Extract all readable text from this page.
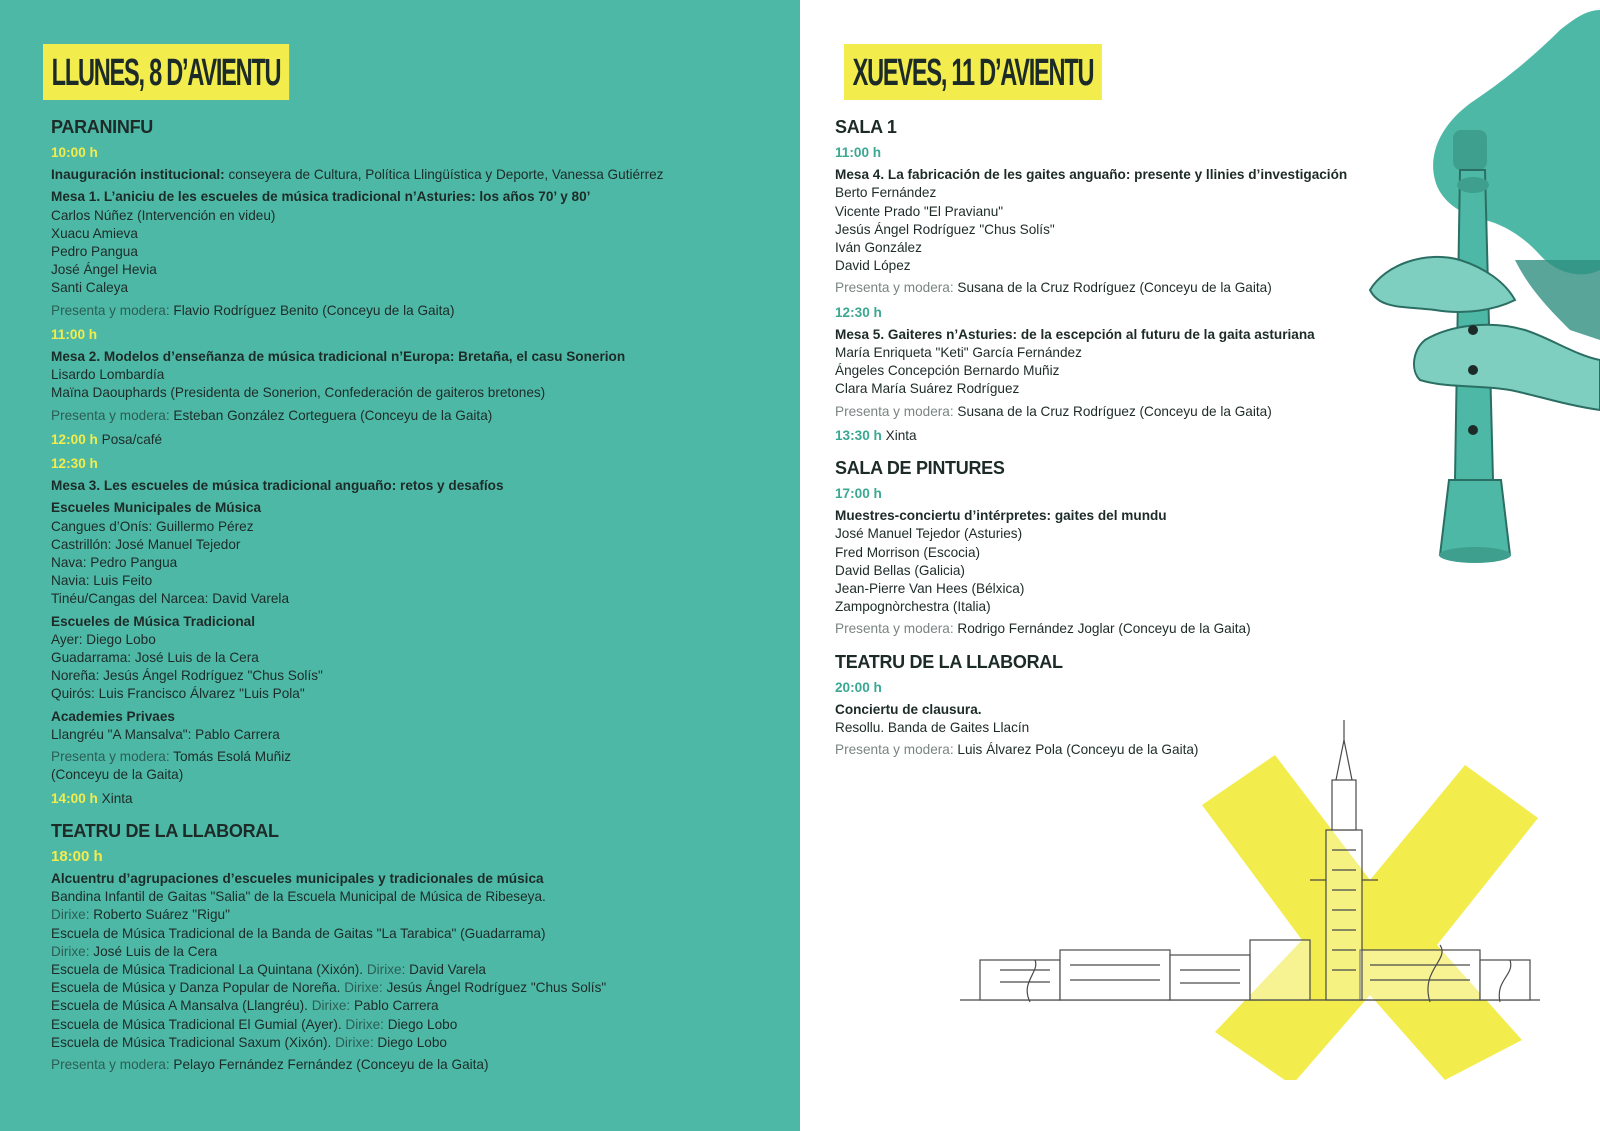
LLUNES, 8 D’AVIENTU
PARANINFU
10:00 h
Inauguración institucional: conseyera de Cultura, Política Llingüística y Deporte, Vanessa Gutiérrez
Mesa 1. L’aniciu de les escueles de música tradicional n’Asturies: los años 70’ y 80’
Carlos Núñez (Intervención en videu)
Xuacu Amieva
Pedro Pangua
José Ángel Hevia
Santi Caleya
Presenta y modera: Flavio Rodríguez Benito (Conceyu de la Gaita)
11:00 h
Mesa 2. Modelos d’enseñanza de música tradicional n’Europa: Bretaña, el casu Sonerion
Lisardo Lombardía
Maïna Daouphards (Presidenta de Sonerion, Confederación de gaiteros bretones)
Presenta y modera: Esteban González Corteguera (Conceyu de la Gaita)
12:00 h Posa/café
12:30 h
Mesa 3. Les escueles de música tradicional anguaño: retos y desafíos
Escueles Municipales de Música
Cangues d’Onís: Guillermo Pérez
Castrillón: José Manuel Tejedor
Nava: Pedro Pangua
Navia: Luis Feito
Tinéu/Cangas del Narcea: David Varela
Escueles de Música Tradicional
Ayer: Diego Lobo
Guadarrama: José Luis de la Cera
Noreña: Jesús Ángel Rodríguez "Chus Solís"
Quirós: Luis Francisco Álvarez "Luis Pola"
Academies Privaes
Llangréu "A Mansalva": Pablo Carrera
Presenta y modera: Tomás Esolá Muñiz
(Conceyu de la Gaita)
14:00 h Xinta
TEATRU DE LA LLABORAL
18:00 h
Alcuentru d’agrupaciones d’escueles municipales y tradicionales de música
Bandina Infantil de Gaitas "Salia" de la Escuela Municipal de Música de Ribeseya.
Dirixe: Roberto Suárez "Rigu"
Escuela de Música Tradicional de la Banda de Gaitas "La Tarabica" (Guadarrama)
Dirixe: José Luis de la Cera
Escuela de Música Tradicional La Quintana (Xixón). Dirixe: David Varela
Escuela de Música y Danza Popular de Noreña. Dirixe: Jesús Ángel Rodríguez "Chus Solís"
Escuela de Música A Mansalva (Llangréu). Dirixe: Pablo Carrera
Escuela de Música Tradicional El Gumial (Ayer). Dirixe: Diego Lobo
Escuela de Música Tradicional Saxum (Xixón). Dirixe: Diego Lobo
Presenta y modera: Pelayo Fernández Fernández (Conceyu de la Gaita)
XUEVES, 11 D’AVIENTU
SALA 1
11:00 h
Mesa 4. La fabricación de les gaites anguaño: presente y llinies d’investigación
Berto Fernández
Vicente Prado "El Pravianu"
Jesús Ángel Rodríguez "Chus Solís"
Iván González
David López
Presenta y modera: Susana de la Cruz Rodríguez (Conceyu de la Gaita)
12:30 h
Mesa 5. Gaiteres n’Asturies: de la escepción al futuru de la gaita asturiana
María Enriqueta "Keti" García Fernández
Ángeles Concepción Bernardo Muñiz
Clara María Suárez Rodríguez
Presenta y modera: Susana de la Cruz Rodríguez (Conceyu de la Gaita)
13:30 h Xinta
SALA DE PINTURES
17:00 h
Muestres-conciertu d’intérpretes: gaites del mundu
José Manuel Tejedor (Asturies)
Fred Morrison (Escocia)
David Bellas (Galicia)
Jean-Pierre Van Hees (Bélxica)
Zampognòrchestra (Italia)
Presenta y modera: Rodrigo Fernández Joglar (Conceyu de la Gaita)
TEATRU DE LA LLABORAL
20:00 h
Conciertu de clausura.
Resollu. Banda de Gaites Llacín
Presenta y modera: Luis Álvarez Pola (Conceyu de la Gaita)
